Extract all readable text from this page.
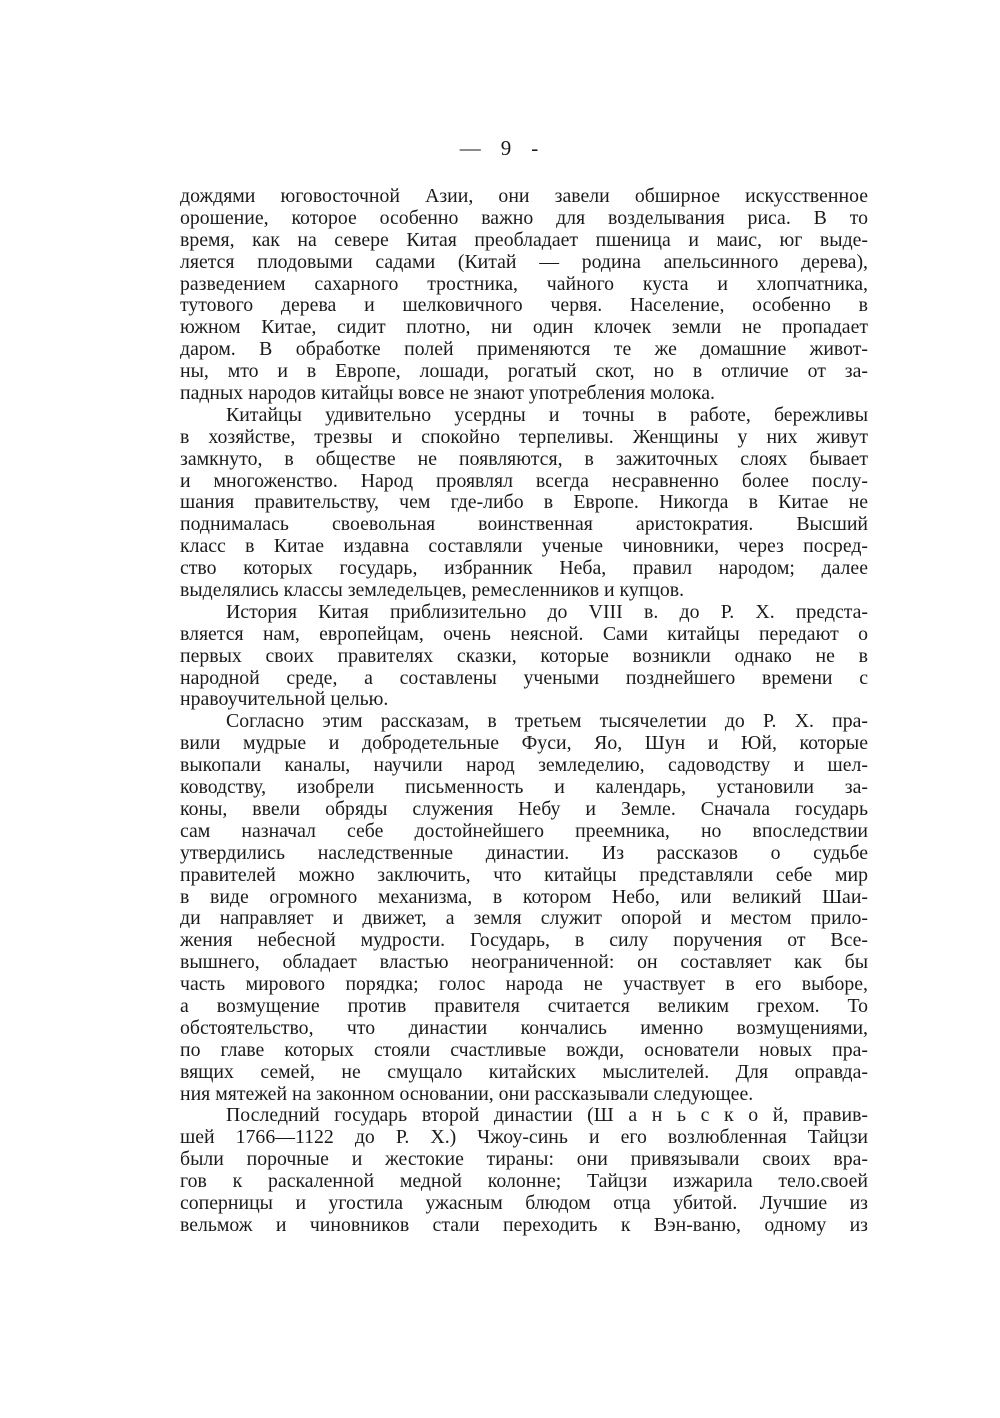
— 9 -
дождями юговосточной Азии, они завели обширное искусственное
орошение, которое особенно важно для возделывания риса. В то
время, как на севере Китая преобладает пшеница и маис, юг выде-
ляется плодовыми садами (Китай — родина апельсинного дерева),
разведением сахарного тростника, чайного куста и хлопчатника,
тутового дерева и шелковичного червя. Население, особенно в
южном Китае, сидит плотно, ни один клочек земли не пропадает
даром. В обработке полей применяются те же домашние живот-
ны, мто и в Европе, лошади, рогатый скот, но в отличие от за-
падных народов китайцы вовсе не знают употребления молока.
Китайцы удивительно усердны и точны в работе, бережливы
в хозяйстве, трезвы и спокойно терпеливы. Женщины у них живут
замкнуто, в обществе не появляются, в зажиточных слоях бывает
и многоженство. Народ проявлял всегда несравненно более послу-
шания правительству, чем где-либо в Европе. Никогда в Китае не
поднималась своевольная воинственная аристократия. Высший
класс в Китае издавна составляли ученые чиновники, через посред-
ство которых государь, избранник Неба, правил народом; далее
выделялись классы земледельцев, ремесленников и купцов.
История Китая приблизительно до VIII в. до Р. X. предста-
вляется нам, европейцам, очень неясной. Сами китайцы передают о
первых своих правителях сказки, которые возникли однако не в
народной среде, а составлены учеными позднейшего времени с
нравоучительной целью.
Согласно этим рассказам, в третьем тысячелетии до Р. X. пра-
вили мудрые и добродетельные Фуси, Яо, Шун и Юй, которые
выкопали каналы, научили народ земледелию, садоводству и шел-
ководству, изобрели письменность и календарь, установили за-
коны, ввели обряды служения Небу и Земле. Сначала государь
сам назначал себе достойнейшего преемника, но впоследствии
утвердились наследственные династии. Из рассказов о судьбе
правителей можно заключить, что китайцы представляли себе мир
в виде огромного механизма, в котором Небо, или великий Шаи-
ди направляет и движет, а земля служит опорой и местом прило-
жения небесной мудрости. Государь, в силу поручения от Все-
вышнего, обладает властью неограниченной: он составляет как бы
часть мирового порядка; голос народа не участвует в его выборе,
а возмущение против правителя считается великим грехом. То
обстоятельство, что династии кончались именно возмущениями,
по главе которых стояли счастливые вожди, основатели новых пра-
вящих семей, не смущало китайских мыслителей. Для оправда-
ния мятежей на законном основании, они рассказывали следующее.
Последний государь второй династии (Ш а н ь с к о й, правив-
шей 1766—1122 до Р. X.) Чжоу-синь и его возлюбленная Тайцзи
были порочные и жестокие тираны: они привязывали своих вра-
гов к раскаленной медной колонне; Тайцзи изжарила тело.своей
соперницы и угостила ужасным блюдом отца убитой. Лучшие из
вельмож и чиновников стали переходить к Вэн-ваню, одному из
